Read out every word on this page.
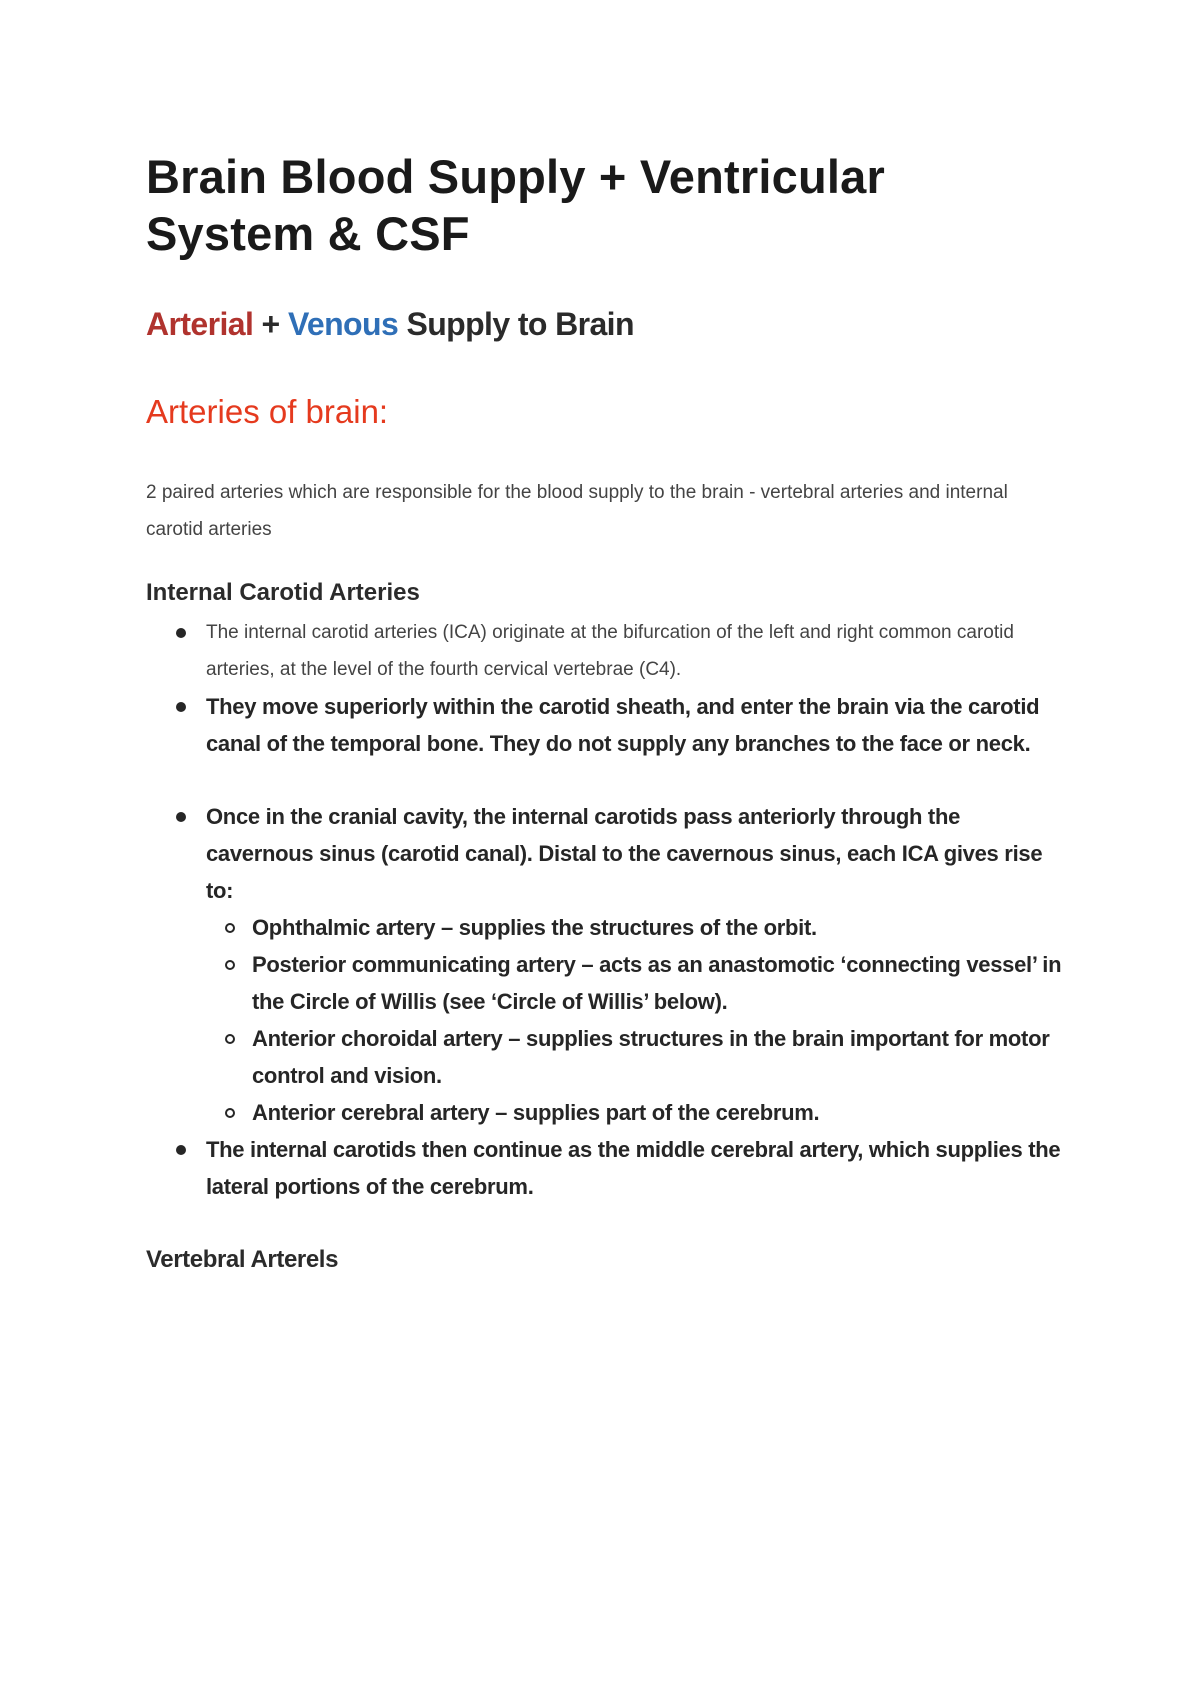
Brain Blood Supply + Ventricular System & CSF
Arterial + Venous Supply to Brain
Arteries of brain:

2 paired arteries which are responsible for the blood supply to the brain - vertebral arteries and internal carotid arteries

Internal Carotid Arteries
The internal carotid arteries (ICA) originate at the bifurcation of the left and right common carotid arteries, at the level of the fourth cervical vertebrae (C4).
They move superiorly within the carotid sheath, and enter the brain via the carotid canal of the temporal bone. They do not supply any branches to the face or neck.
Once in the cranial cavity, the internal carotids pass anteriorly through the cavernous sinus (carotid canal). Distal to the cavernous sinus, each ICA gives rise to:
Ophthalmic artery – supplies the structures of the orbit.
Posterior communicating artery – acts as an anastomotic ‘connecting vessel’ in the Circle of Willis (see ‘Circle of Willis’ below).
Anterior choroidal artery – supplies structures in the brain important for motor control and vision.
Anterior cerebral artery – supplies part of the cerebrum.
The internal carotids then continue as the middle cerebral artery, which supplies the lateral portions of the cerebrum.
Vertebral Arterels
